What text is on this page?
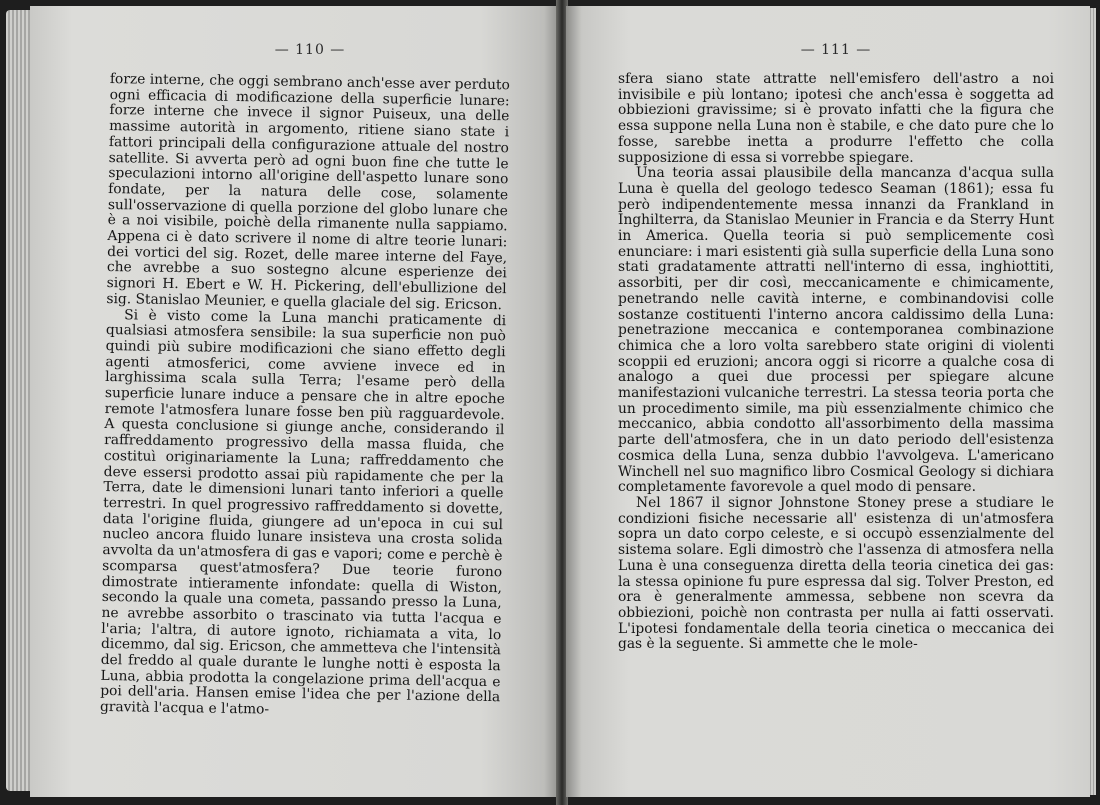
— 110 —

forze interne, che oggi sembrano anch'esse aver perduto ogni efficacia di modificazione della superficie lunare: forze interne che invece il signor Puiseux, una delle massime autorità in argomento, ritiene siano state i fattori principali della configurazione attuale del nostro satellite. Si avverta però ad ogni buon fine che tutte le speculazioni intorno all'origine dell'aspetto lunare sono fondate, per la natura delle cose, solamente sull'osservazione di quella porzione del globo lunare che è a noi visibile, poichè della rimanente nulla sappiamo. Appena ci è dato scrivere il nome di altre teorie lunari: dei vortici del sig. Rozet, delle maree interne del Faye, che avrebbe a suo sostegno alcune esperienze dei signori H. Ebert e W. H. Pickering, dell'ebullizione del sig. Stanislao Meunier, e quella glaciale del sig. Ericson.

Si è visto come la Luna manchi praticamente di qualsiasi atmosfera sensibile: la sua superficie non può quindi più subire modificazioni che siano effetto degli agenti atmosferici, come avviene invece ed in larghissima scala sulla Terra; l'esame però della superficie lunare induce a pensare che in altre epoche remote l'atmosfera lunare fosse ben più ragguardevole. A questa conclusione si giunge anche, considerando il raffreddamento progressivo della massa fluida, che costituì originariamente la Luna; raffreddamento che deve essersi prodotto assai più rapidamente che per la Terra, date le dimensioni lunari tanto inferiori a quelle terrestri. In quel progressivo raffreddamento si dovette, data l'origine fluida, giungere ad un'epoca in cui sul nucleo ancora fluido lunare insisteva una crosta solida avvolta da un'atmosfera di gas e vapori; come e perchè è scomparsa quest'atmosfera? Due teorie furono dimostrate intieramente infondate: quella di Wiston, secondo la quale una cometa, passando presso la Luna, ne avrebbe assorbito o trascinato via tutta l'acqua e l'aria; l'altra, di autore ignoto, richiamata a vita, lo dicemmo, dal sig. Ericson, che ammetteva che l'intensità del freddo al quale durante le lunghe notti è esposta la Luna, abbia prodotta la congelazione prima dell'acqua e poi dell'aria. Hansen emise l'idea che per l'azione della gravità l'acqua e l'atmo-

— 111 —

sfera siano state attratte nell'emisfero dell'astro a noi invisibile e più lontano; ipotesi che anch'essa è soggetta ad obbiezioni gravissime; si è provato infatti che la figura che essa suppone nella Luna non è stabile, e che dato pure che lo fosse, sarebbe inetta a produrre l'effetto che colla supposizione di essa si vorrebbe spiegare.

Una teoria assai plausibile della mancanza d'acqua sulla Luna è quella del geologo tedesco Seaman (1861); essa fu però indipendentemente messa innanzi da Frankland in Inghilterra, da Stanislao Meunier in Francia e da Sterry Hunt in America. Quella teoria si può semplicemente così enunciare: i mari esistenti già sulla superficie della Luna sono stati gradatamente attratti nell'interno di essa, inghiottiti, assorbiti, per dir così, meccanicamente e chimicamente, penetrando nelle cavità interne, e combinandovisi colle sostanze costituenti l'interno ancora caldissimo della Luna: penetrazione meccanica e contemporanea combinazione chimica che a loro volta sarebbero state origini di violenti scoppii ed eruzioni; ancora oggi si ricorre a qualche cosa di analogo a quei due processi per spiegare alcune manifestazioni vulcaniche terrestri. La stessa teoria porta che un procedimento simile, ma più essenzialmente chimico che meccanico, abbia condotto all'assorbimento della massima parte dell'atmosfera, che in un dato periodo dell'esistenza cosmica della Luna, senza dubbio l'avvolgeva. L'americano Winchell nel suo magnifico libro Cosmical Geology si dichiara completamente favorevole a quel modo di pensare.

Nel 1867 il signor Johnstone Stoney prese a studiare le condizioni fisiche necessarie all' esistenza di un'atmosfera sopra un dato corpo celeste, e si occupò essenzialmente del sistema solare. Egli dimostrò che l'assenza di atmosfera nella Luna è una conseguenza diretta della teoria cinetica dei gas: la stessa opinione fu pure espressa dal sig. Tolver Preston, ed ora è generalmente ammessa, sebbene non scevra da obbiezioni, poichè non contrasta per nulla ai fatti osservati. L'ipotesi fondamentale della teoria cinetica o meccanica dei gas è la seguente. Si ammette che le mole-
